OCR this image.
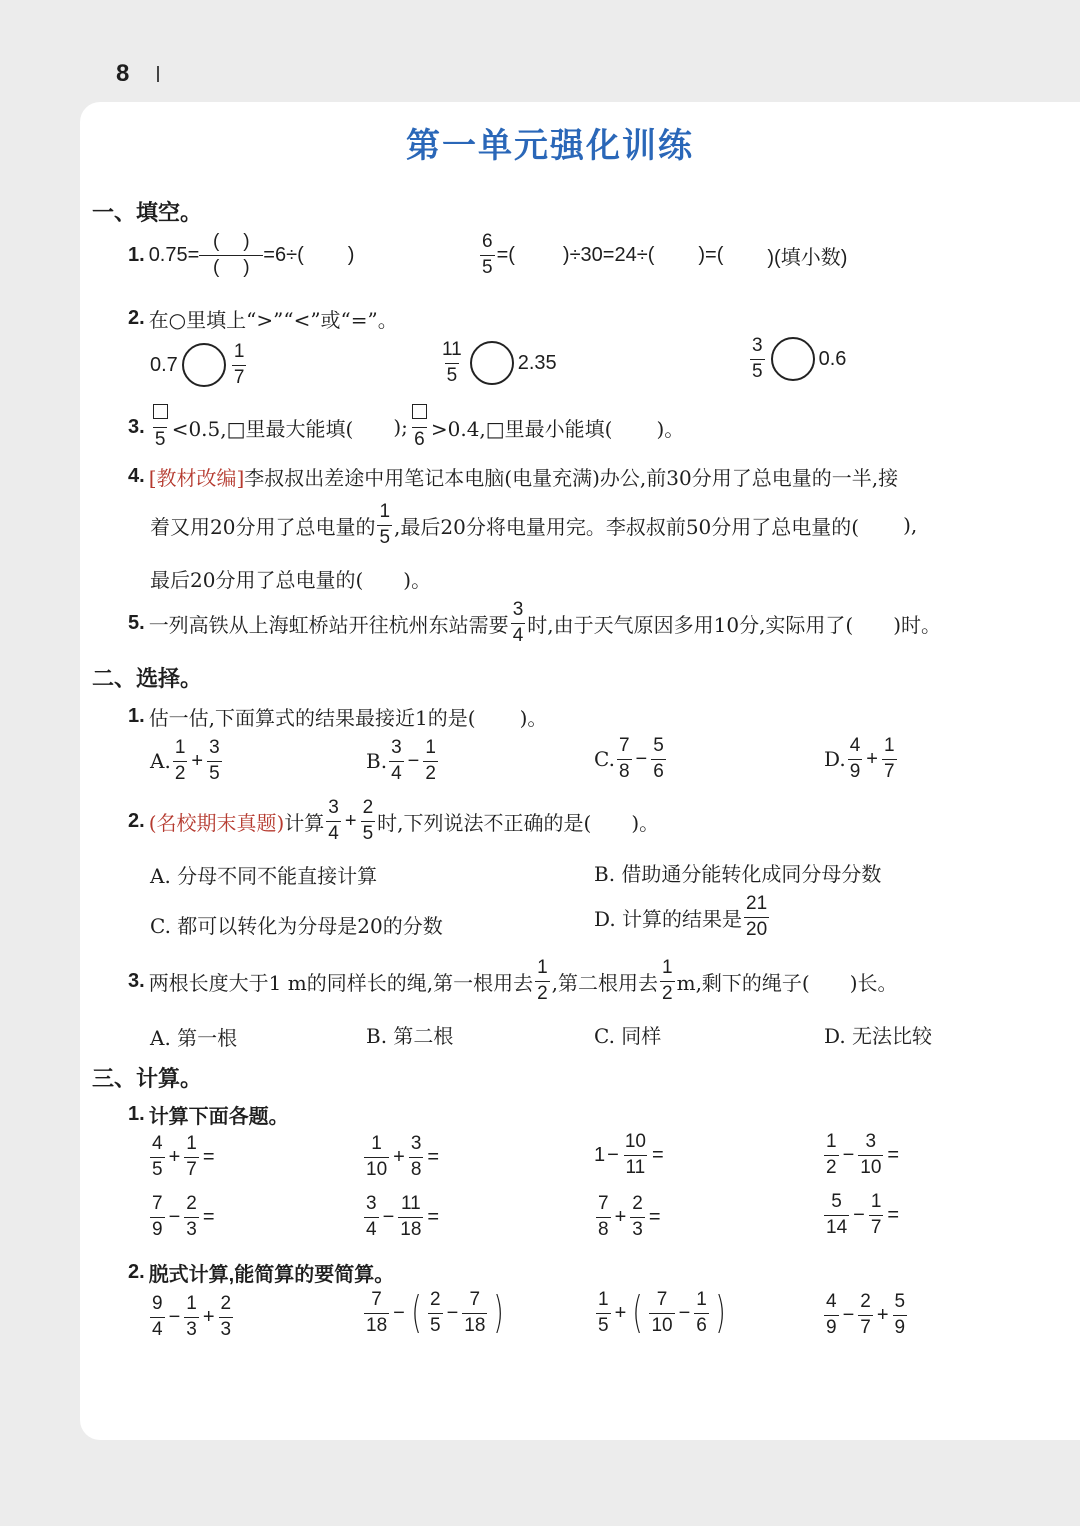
8
第一单元强化训练
一、填空。
1. $0.75= \frac{( )}{( )} =6\div$( )	$\frac{6}{5}$ =( )÷30=24÷( )=( )(填小数)
2. 在○里填上“>”“<”或“=”。
0.7	$\frac{1}{7}$	$\frac{11}{5}$	2.35	$\frac{3}{5}$	0.6
3.
5 <0.5,□里最大能填( ); 6 >0.4,□里最小能填( )。
4. [教材改编] 李叔叔出差途中用笔记本电脑(电量充满)办公,前30分用了总电量的一半,接
着又用20分用了总电量的 $\frac{1}{5}$ ,最后20分将电量用完。李叔叔前50分用了总电量的( ),
最后20分用了总电量的( )。
5. 一列高铁从上海虹桥站开往杭州东站需要 $\frac{3}{4}$ 时,由于天气原因多用10分,实际用了( )时。
二、选择。
1. 估一估,下面算式的结果最接近1的是( )。
A. $\frac{1}{2} + \frac{3}{5}$	B. $\frac{3}{4} - \frac{1}{2}$	C. $\frac{7}{8} - \frac{5}{6}$	D. $\frac{4}{9} + \frac{1}{7}$
2. (名校期末真题) 计算 $\frac{3}{4} + \frac{2}{5}$ 时,下列说法不正确的是( )。
A. 分母不同不能直接计算	B. 借助通分能转化成同分母分数
C. 都可以转化为分母是20的分数	D. 计算的结果是 $\frac{21}{20}$
3. 两根长度大于1 m的同样长的绳,第一根用去 $\frac{1}{2}$ ,第二根用去 $\frac{1}{2} m$,剩下的绳子( )长。
A. 第一根	B. 第二根	C. 同样	D. 无法比较
三、计算。
1. 计算下面各题。
$\frac{4}{5} + \frac{1}{7}$ =	$\frac{1}{10} + \frac{3}{8}$ =	$1 - \frac{10}{11}$ =	$\frac{1}{2} - \frac{3}{10}$ =
$\frac{7}{9} - \frac{2}{3}$ =	$\frac{3}{4} - \frac{11}{18}$ =	$\frac{7}{8} + \frac{2}{3}$ =	$\frac{5}{14} - \frac{1}{7}$ =
2. 脱式计算,能简算的要简算。
$\frac{9}{4} - \frac{1}{3} + \frac{2}{3}$	$\frac{7}{18}$ − ( $\frac{2}{5} - \frac{7}{18}$ )	$\frac{1}{5}$ + ( $\frac{7}{10} - \frac{1}{6}$ )	$\frac{4}{9} - \frac{2}{7} + \frac{5}{9}$
